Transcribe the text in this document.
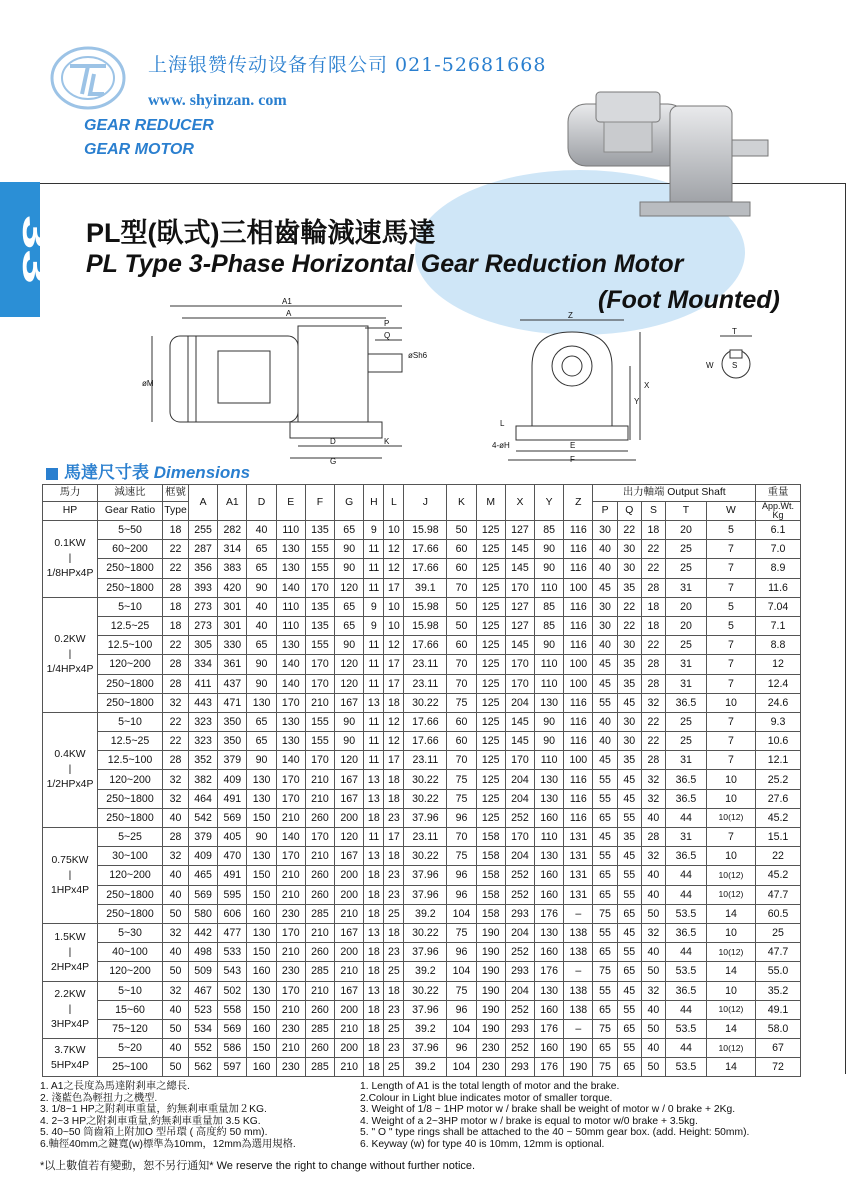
33
上海银赞传动设备有限公司 021-52681668
www. shyinzan. com
GEAR REDUCER
GEAR MOTOR
PL型(臥式)三相齒輪減速馬達
PL Type 3-Phase Horizontal Gear Reduction Motor
(Foot Mounted)
A1
A
P
Q
øSh6
øM
D	K
G
Z
X
Y
L
4-øH	E
F
T
W S
馬達尺寸表 Dimensions
馬力	減速比	框號	A	A1	D	E	F	G	H	L	J	K	M	X	Y	Z	出力軸端 Output Shaft					重量
HP	Gear Ratio	Type															P	Q	S	T	W	App.Wt.
Kg

0.1KW
|
1/8HPx4P	5~50	18	255	282	40	110	135	65	9	10	15.98	50	125	127	85	116	30	22	18	20	5	6.1
	60~200	22	287	314	65	130	155	90	11	12	17.66	60	125	145	90	116	40	30	22	25	7	7.0
	250~1800	22	356	383	65	130	155	90	11	12	17.66	60	125	145	90	116	40	30	22	25	7	8.9
	250~1800	28	393	420	90	140	170	120	11	17	39.1	70	125	170	110	100	45	35	28	31	7	11.6

0.2KW
|
1/4HPx4P	5~10	18	273	301	40	110	135	65	9	10	15.98	50	125	127	85	116	30	22	18	20	5	7.04
	12.5~25	18	273	301	40	110	135	65	9	10	15.98	50	125	127	85	116	30	22	18	20	5	7.1
	12.5~100	22	305	330	65	130	155	90	11	12	17.66	60	125	145	90	116	40	30	22	25	7	8.8
	120~200	28	334	361	90	140	170	120	11	17	23.11	70	125	170	110	100	45	35	28	31	7	12
	250~1800	28	411	437	90	140	170	120	11	17	23.11	70	125	170	110	100	45	35	28	31	7	12.4
	250~1800	32	443	471	130	170	210	167	13	18	30.22	75	125	204	130	116	55	45	32	36.5	10	24.6

0.4KW
|
1/2HPx4P	5~10	22	323	350	65	130	155	90	11	12	17.66	60	125	145	90	116	40	30	22	25	7	9.3
	12.5~25	22	323	350	65	130	155	90	11	12	17.66	60	125	145	90	116	40	30	22	25	7	10.6
	12.5~100	28	352	379	90	140	170	120	11	17	23.11	70	125	170	110	100	45	35	28	31	7	12.1
	120~200	32	382	409	130	170	210	167	13	18	30.22	75	125	204	130	116	55	45	32	36.5	10	25.2
	250~1800	32	464	491	130	170	210	167	13	18	30.22	75	125	204	130	116	55	45	32	36.5	10	27.6
	250~1800	40	542	569	150	210	260	200	18	23	37.96	96	125	252	160	116	65	55	40	44	10(12)	45.2

0.75KW
|
1HPx4P	5~25	28	379	405	90	140	170	120	11	17	23.11	70	158	170	110	131	45	35	28	31	7	15.1
	30~100	32	409	470	130	170	210	167	13	18	30.22	75	158	204	130	131	55	45	32	36.5	10	22
	120~200	40	465	491	150	210	260	200	18	23	37.96	96	158	252	160	131	65	55	40	44	10(12)	45.2
	250~1800	40	569	595	150	210	260	200	18	23	37.96	96	158	252	160	131	65	55	40	44	10(12)	47.7
	250~1800	50	580	606	160	230	285	210	18	25	39.2	104	158	293	176	–	75	65	50	53.5	14	60.5

1.5KW
|
2HPx4P	5~30	32	442	477	130	170	210	167	13	18	30.22	75	190	204	130	138	55	45	32	36.5	10	25
	40~100	40	498	533	150	210	260	200	18	23	37.96	96	190	252	160	138	65	55	40	44	10(12)	47.7
	120~200	50	509	543	160	230	285	210	18	25	39.2	104	190	293	176	–	75	65	50	53.5	14	55.0

2.2KW
|
3HPx4P	5~10	32	467	502	130	170	210	167	13	18	30.22	75	190	204	130	138	55	45	32	36.5	10	35.2
	15~60	40	523	558	150	210	260	200	18	23	37.96	96	190	252	160	138	65	55	40	44	10(12)	49.1
	75~120	50	534	569	160	230	285	210	18	25	39.2	104	190	293	176	–	75	65	50	53.5	14	58.0

3.7KW
5HPx4P	5~20	40	552	586	150	210	260	200	18	23	37.96	96	230	252	160	190	65	55	40	44	10(12)	67
	25~100	50	562	597	160	230	285	210	18	25	39.2	104	230	293	176	190	75	65	50	53.5	14	72
1. A1之長度為馬達附剎車之總長.
2. 淺藍色為輕扭力之機型.
3. 1/8~1 HP之附剎車重量，約無剎車重量加２KG.
4. 2~3 HP之附剎車重量,約無剎車重量加 3.5 KG.
5. 40~50 筒齒箱上附加O 型吊環 ( 高度約 50 mm).
6.軸徑40mm之鍵寬(w)標準為10mm，12mm為選用規格.
1. Length of A1 is the total length of motor and the brake.
2.Colour in Light blue indicates motor of smaller torque.
3. Weight of 1/8 ~ 1HP motor w / brake shall be weight of motor w / 0 brake + 2Kg.
4. Weight of a 2~3HP motor w / brake is equal to motor w/0 brake + 3.5kg.
5. " O " type rings shall be attached to the 40 ~ 50mm gear box. (add. Height: 50mm).
6. Keyway (w) for type 40 is 10mm, 12mm is optional.
*以上數值若有變動，恕不另行通知* We reserve the right to change without further notice.
